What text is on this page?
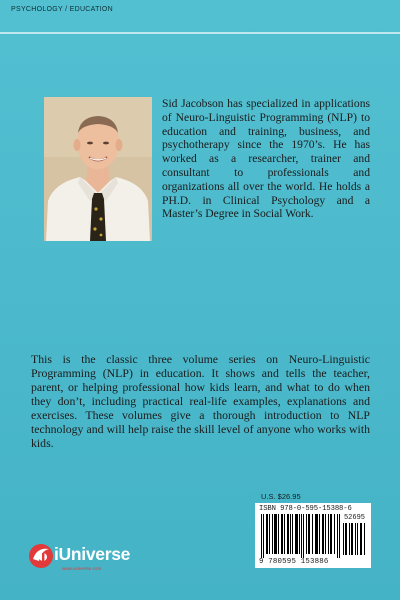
PSYCHOLOGY / EDUCATION

Sid Jacobson has specialized in applications of Neuro-Linguistic Programming (NLP) to education and training, business, and psychotherapy since the 1970’s. He has worked as a researcher, trainer and consultant to professionals and organizations all over the world. He holds a PH.D. in Clinical Psychology and a Master’s Degree in Social Work.

This is the classic three volume series on Neuro-Linguistic Programming (NLP) in education. It shows and tells the teacher, parent, or helping professional how kids learn, and what to do when they don’t, including practical real-life examples, explanations and exercises. These volumes give a thorough introduction to NLP technology and will help raise the skill level of anyone who works with kids.

U.S. $26.95
ISBN 978-0-595-15388-6
52695
9 780595 153886
iUniverse
www.iuniverse.com
